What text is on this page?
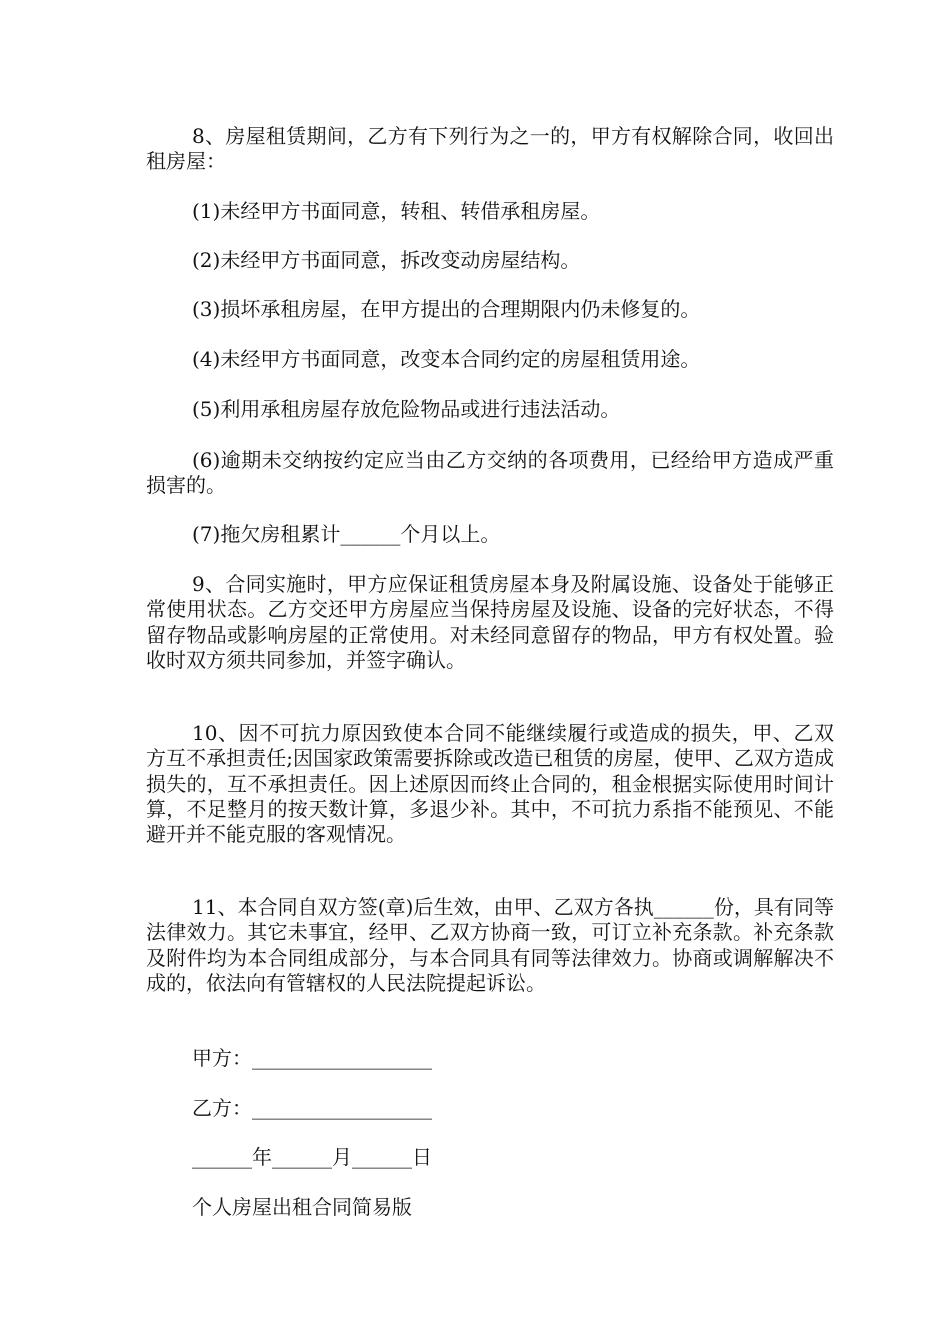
8、房屋租赁期间，乙方有下列行为之一的，甲方有权解除合同，收回出租房屋：

(1)未经甲方书面同意，转租、转借承租房屋。

(2)未经甲方书面同意，拆改变动房屋结构。

(3)损坏承租房屋，在甲方提出的合理期限内仍未修复的。

(4)未经甲方书面同意，改变本合同约定的房屋租赁用途。

(5)利用承租房屋存放危险物品或进行违法活动。

(6)逾期未交纳按约定应当由乙方交纳的各项费用，已经给甲方造成严重损害的。

(7)拖欠房租累计______个月以上。

9、合同实施时，甲方应保证租赁房屋本身及附属设施、设备处于能够正常使用状态。乙方交还甲方房屋应当保持房屋及设施、设备的完好状态，不得留存物品或影响房屋的正常使用。对未经同意留存的物品，甲方有权处置。验收时双方须共同参加，并签字确认。

10、因不可抗力原因致使本合同不能继续履行或造成的损失，甲、乙双方互不承担责任;因国家政策需要拆除或改造已租赁的房屋，使甲、乙双方造成损失的，互不承担责任。因上述原因而终止合同的，租金根据实际使用时间计算，不足整月的按天数计算，多退少补。其中，不可抗力系指不能预见、不能避开并不能克服的客观情况。

11、本合同自双方签(章)后生效，由甲、乙双方各执______份，具有同等法律效力。其它未事宜，经甲、乙双方协商一致，可订立补充条款。补充条款及附件均为本合同组成部分，与本合同具有同等法律效力。协商或调解解决不成的，依法向有管辖权的人民法院提起诉讼。

甲方：__________________

乙方：__________________

______年______月______日

个人房屋出租合同简易版
